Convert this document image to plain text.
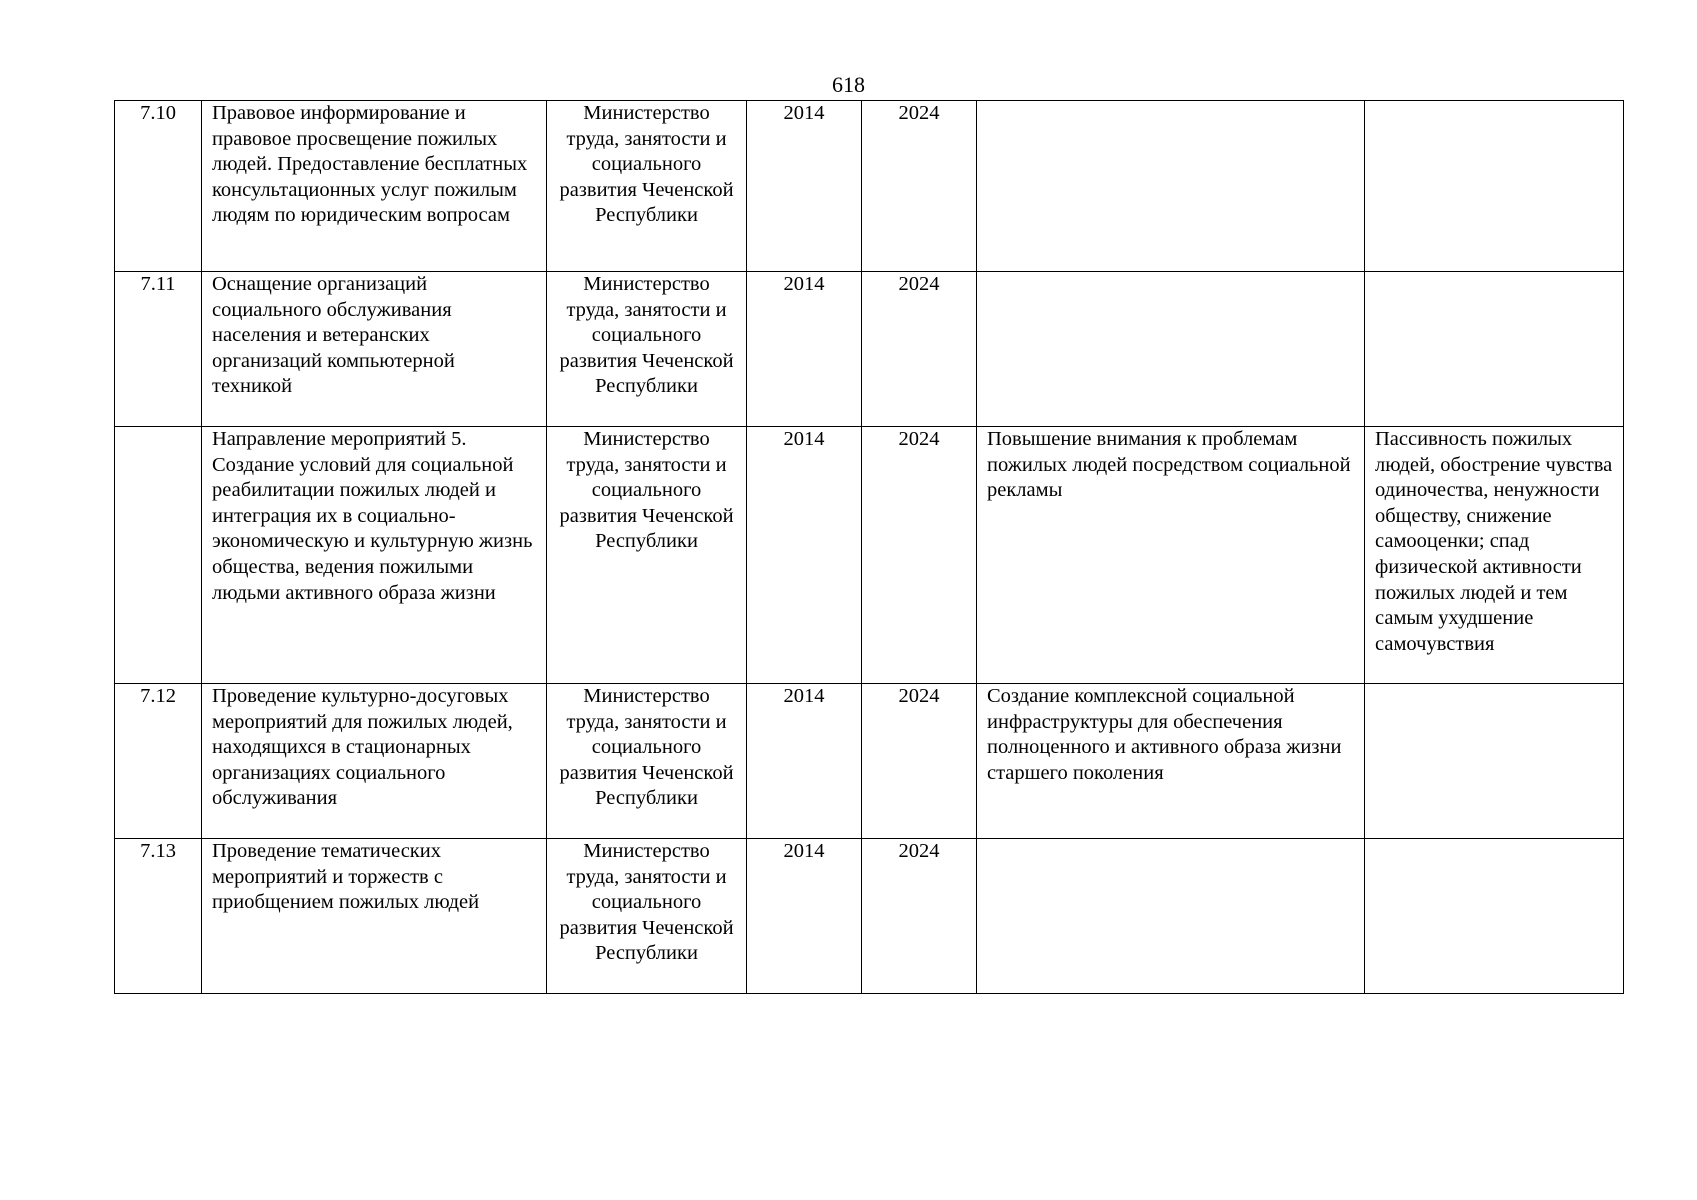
618
7.10	Правовое информирование и правовое просвещение пожилых людей. Предоставление бесплатных консультационных услуг пожилым людям по юридическим вопросам	Министерство труда, занятости и социального развития Чеченской Республики	2014	2024		
7.11	Оснащение организаций социального обслуживания населения и ветеранских организаций компьютерной техникой	Министерство труда, занятости и социального развития Чеченской Республики	2014	2024		
	Направление мероприятий 5. Создание условий для социальной реабилитации пожилых людей и интеграция их в социально-экономическую и культурную жизнь общества, ведения пожилыми людьми активного образа жизни	Министерство труда, занятости и социального развития Чеченской Республики	2014	2024	Повышение внимания к проблемам пожилых людей посредством социальной рекламы	Пассивность пожилых людей, обострение чувства одиночества, ненужности обществу, снижение самооценки; спад физической активности пожилых людей и тем самым ухудшение самочувствия
7.12	Проведение культурно-досуговых мероприятий для пожилых людей, находящихся в стационарных организациях социального обслуживания	Министерство труда, занятости и социального развития Чеченской Республики	2014	2024	Создание комплексной социальной инфраструктуры для обеспечения полноценного и активного образа жизни старшего поколения	
7.13	Проведение тематических мероприятий и торжеств с приобщением пожилых людей	Министерство труда, занятости и социального развития Чеченской Республики	2014	2024		
